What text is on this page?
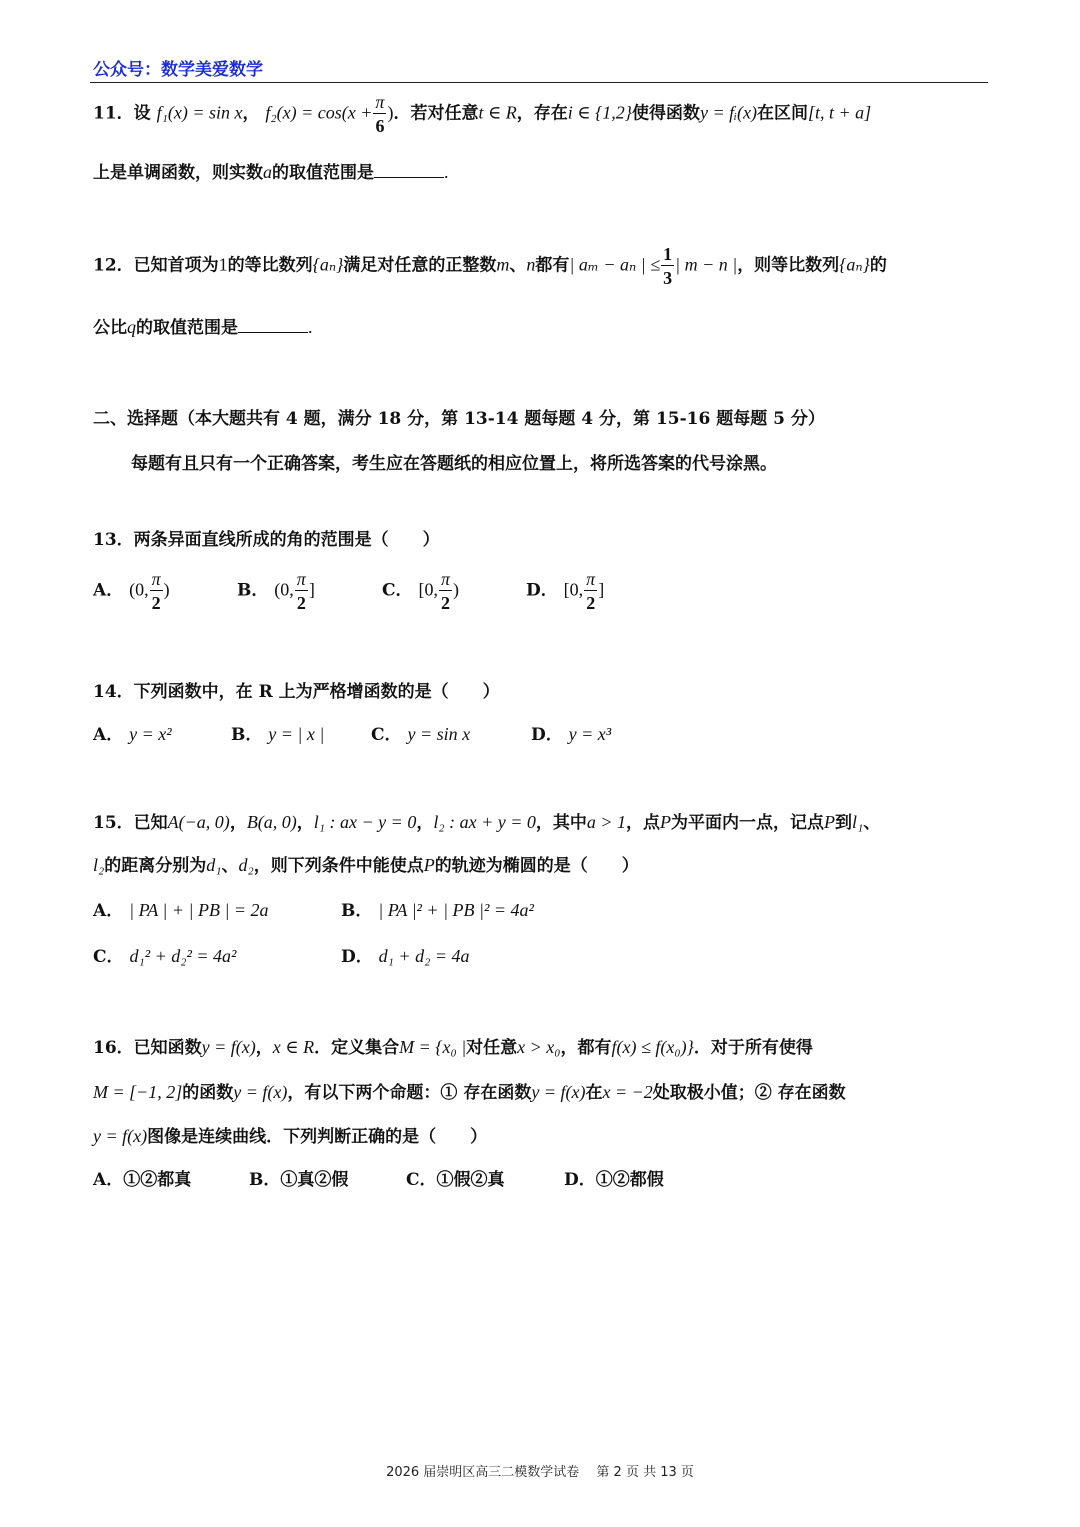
公众号：数学美爱数学
11．设 f₁(x) = sin x， $f_2(x) = \cos(x + \frac{\pi}{6}$ )．若对任意t ∈ R，存在i ∈ {1,2}使得函数y = fᵢ(x)在区间[t, t + a]
上是单调函数，则实数a的取值范围是	.
12．已知首项为1的等比数列{aₙ}满足对任意的正整数m、n都有| aₘ − aₙ | ≤ $\frac{1}{3}$ | m − n |，则等比数列{aₙ}的
公比q的取值范围是	.
二、选择题（本大题共有 4 题，满分 18 分，第 13-14 题每题 4 分，第 15-16 题每题 5 分）
每题有且只有一个正确答案，考生应在答题纸的相应位置上，将所选答案的代号涂黑。
13．两条异面直线所成的角的范围是（　　）
A． (0, $\frac{\pi}{2}$ )	B． (0, $\frac{\pi}{2}$ ]	C． [0, $\frac{\pi}{2}$ )	D． [0, $\frac{\pi}{2}$ ]
14．下列函数中，在 R 上为严格增函数的是（　　）
A． y = x²	B． y = | x |	C． y = sin x	D． y = x³
15．已知A(−a, 0)，B(a, 0)，l₁ : ax − y = 0，l₂ : ax + y = 0，其中a > 1，点P为平面内一点，记点P到l₁、
l₂的距离分别为d₁、d₂，则下列条件中能使点P的轨迹为椭圆的是（　　）
A． | PA | + | PB | = 2a	B． | PA |² + | PB |² = 4a²
C． d₁² + d₂² = 4a²	D． d₁ + d₂ = 4a
16．已知函数y = f(x)，x ∈ R．定义集合M = {x₀ |对任意x > x₀，都有f(x) ≤ f(x₀)}．对于所有使得
M = [−1, 2]的函数y = f(x)，有以下两个命题：① 存在函数y = f(x)在x = −2处取极小值；② 存在函数
y = f(x)图像是连续曲线．下列判断正确的是（　　）
A．①②都真	B．①真②假	C．①假②真	D．①②都假
2026 届崇明区高三二模数学试卷　 第 2 页 共 13 页
